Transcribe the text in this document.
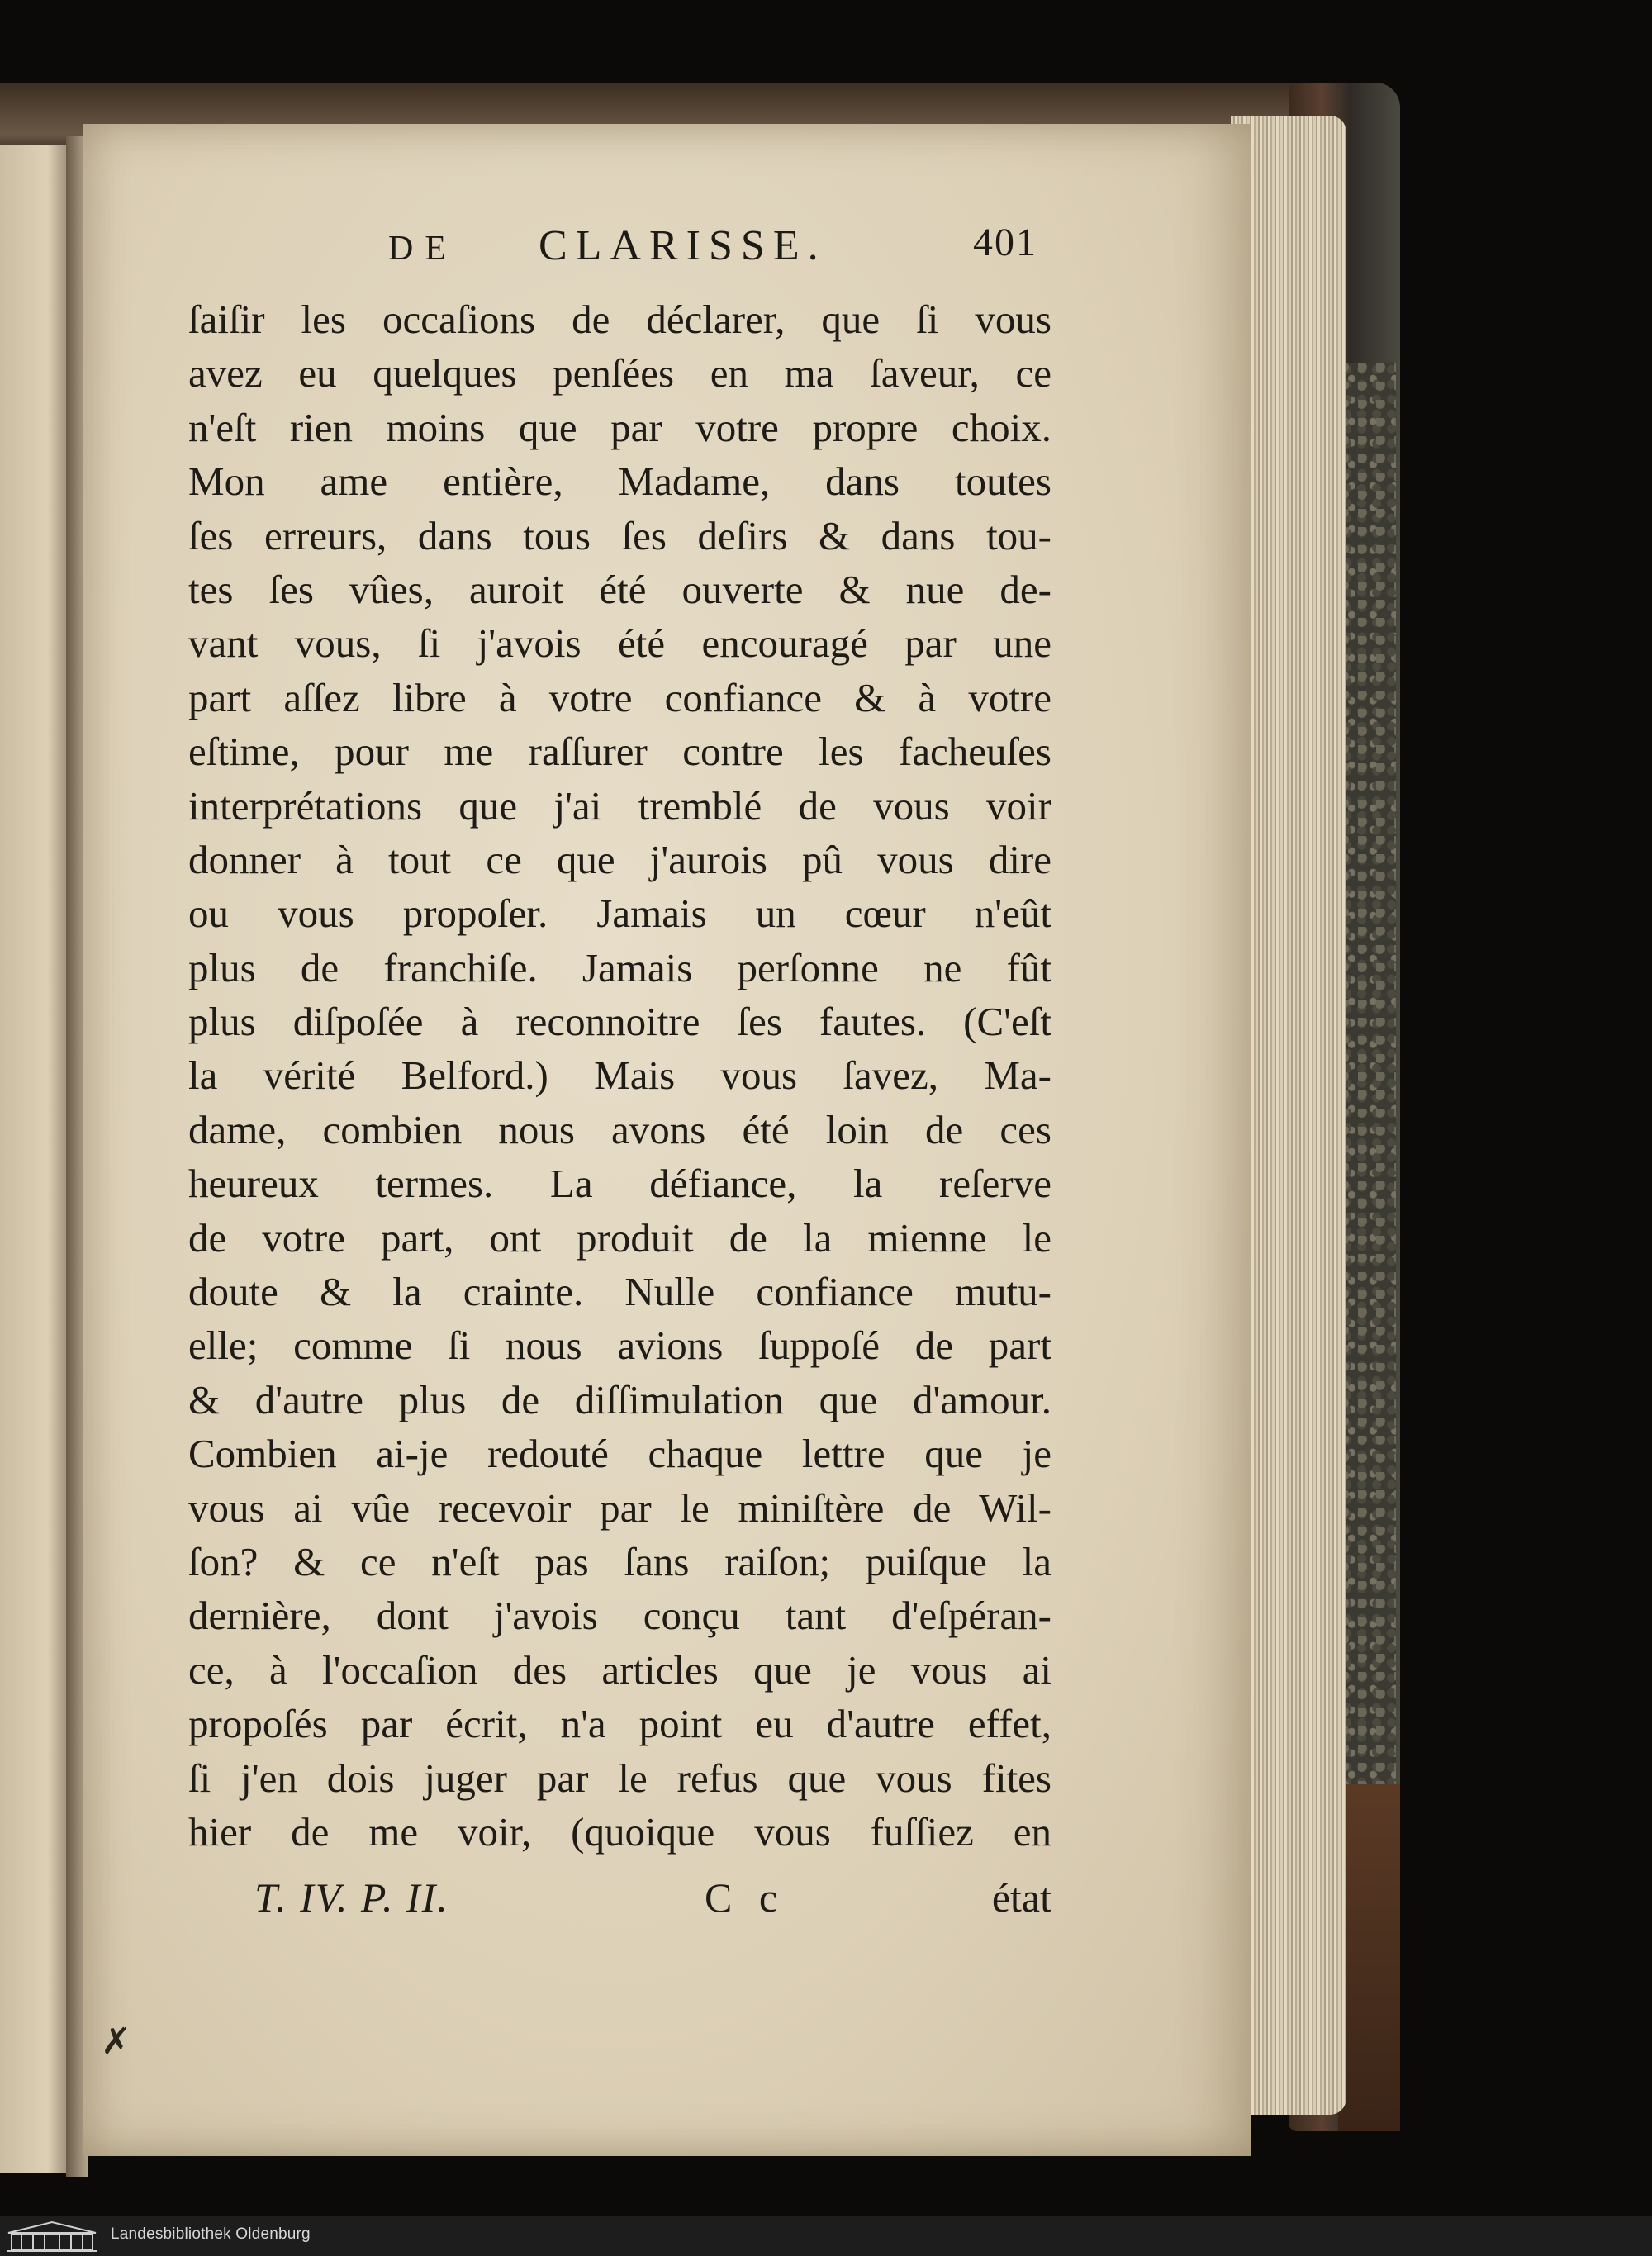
DE CLARISSE.	401
ſaiſir les occaſions de déclarer, que ſi vous
avez eu quelques penſées en ma ſaveur, ce
n'eſt rien moins que par votre propre choix.
Mon ame entière, Madame, dans toutes
ſes erreurs, dans tous ſes deſirs & dans tou-
tes ſes vûes, auroit été ouverte & nue de-
vant vous, ſi j'avois été encouragé par une
part aſſez libre à votre confiance & à votre
eſtime, pour me raſſurer contre les facheuſes
interprétations que j'ai tremblé de vous voir
donner à tout ce que j'aurois pû vous dire
ou vous propoſer. Jamais un cœur n'eût
plus de franchiſe. Jamais perſonne ne fût
plus diſpoſée à reconnoitre ſes fautes. (C'eſt
la vérité Belford.) Mais vous ſavez, Ma-
dame, combien nous avons été loin de ces
heureux termes. La défiance, la reſerve
de votre part, ont produit de la mienne le
doute & la crainte. Nulle confiance mutu-
elle; comme ſi nous avions ſuppoſé de part
& d'autre plus de diſſimulation que d'amour.
Combien ai-je redouté chaque lettre que je
vous ai vûe recevoir par le miniſtère de Wil-
ſon? & ce n'eſt pas ſans raiſon; puiſque la
dernière, dont j'avois conçu tant d'eſpéran-
ce, à l'occaſion des articles que je vous ai
propoſés par écrit, n'a point eu d'autre effet,
ſi j'en dois juger par le refus que vous fites
hier de me voir, (quoique vous fuſſiez en
T. IV. P. II.	C c	état
✗
Landesbibliothek Oldenburg
